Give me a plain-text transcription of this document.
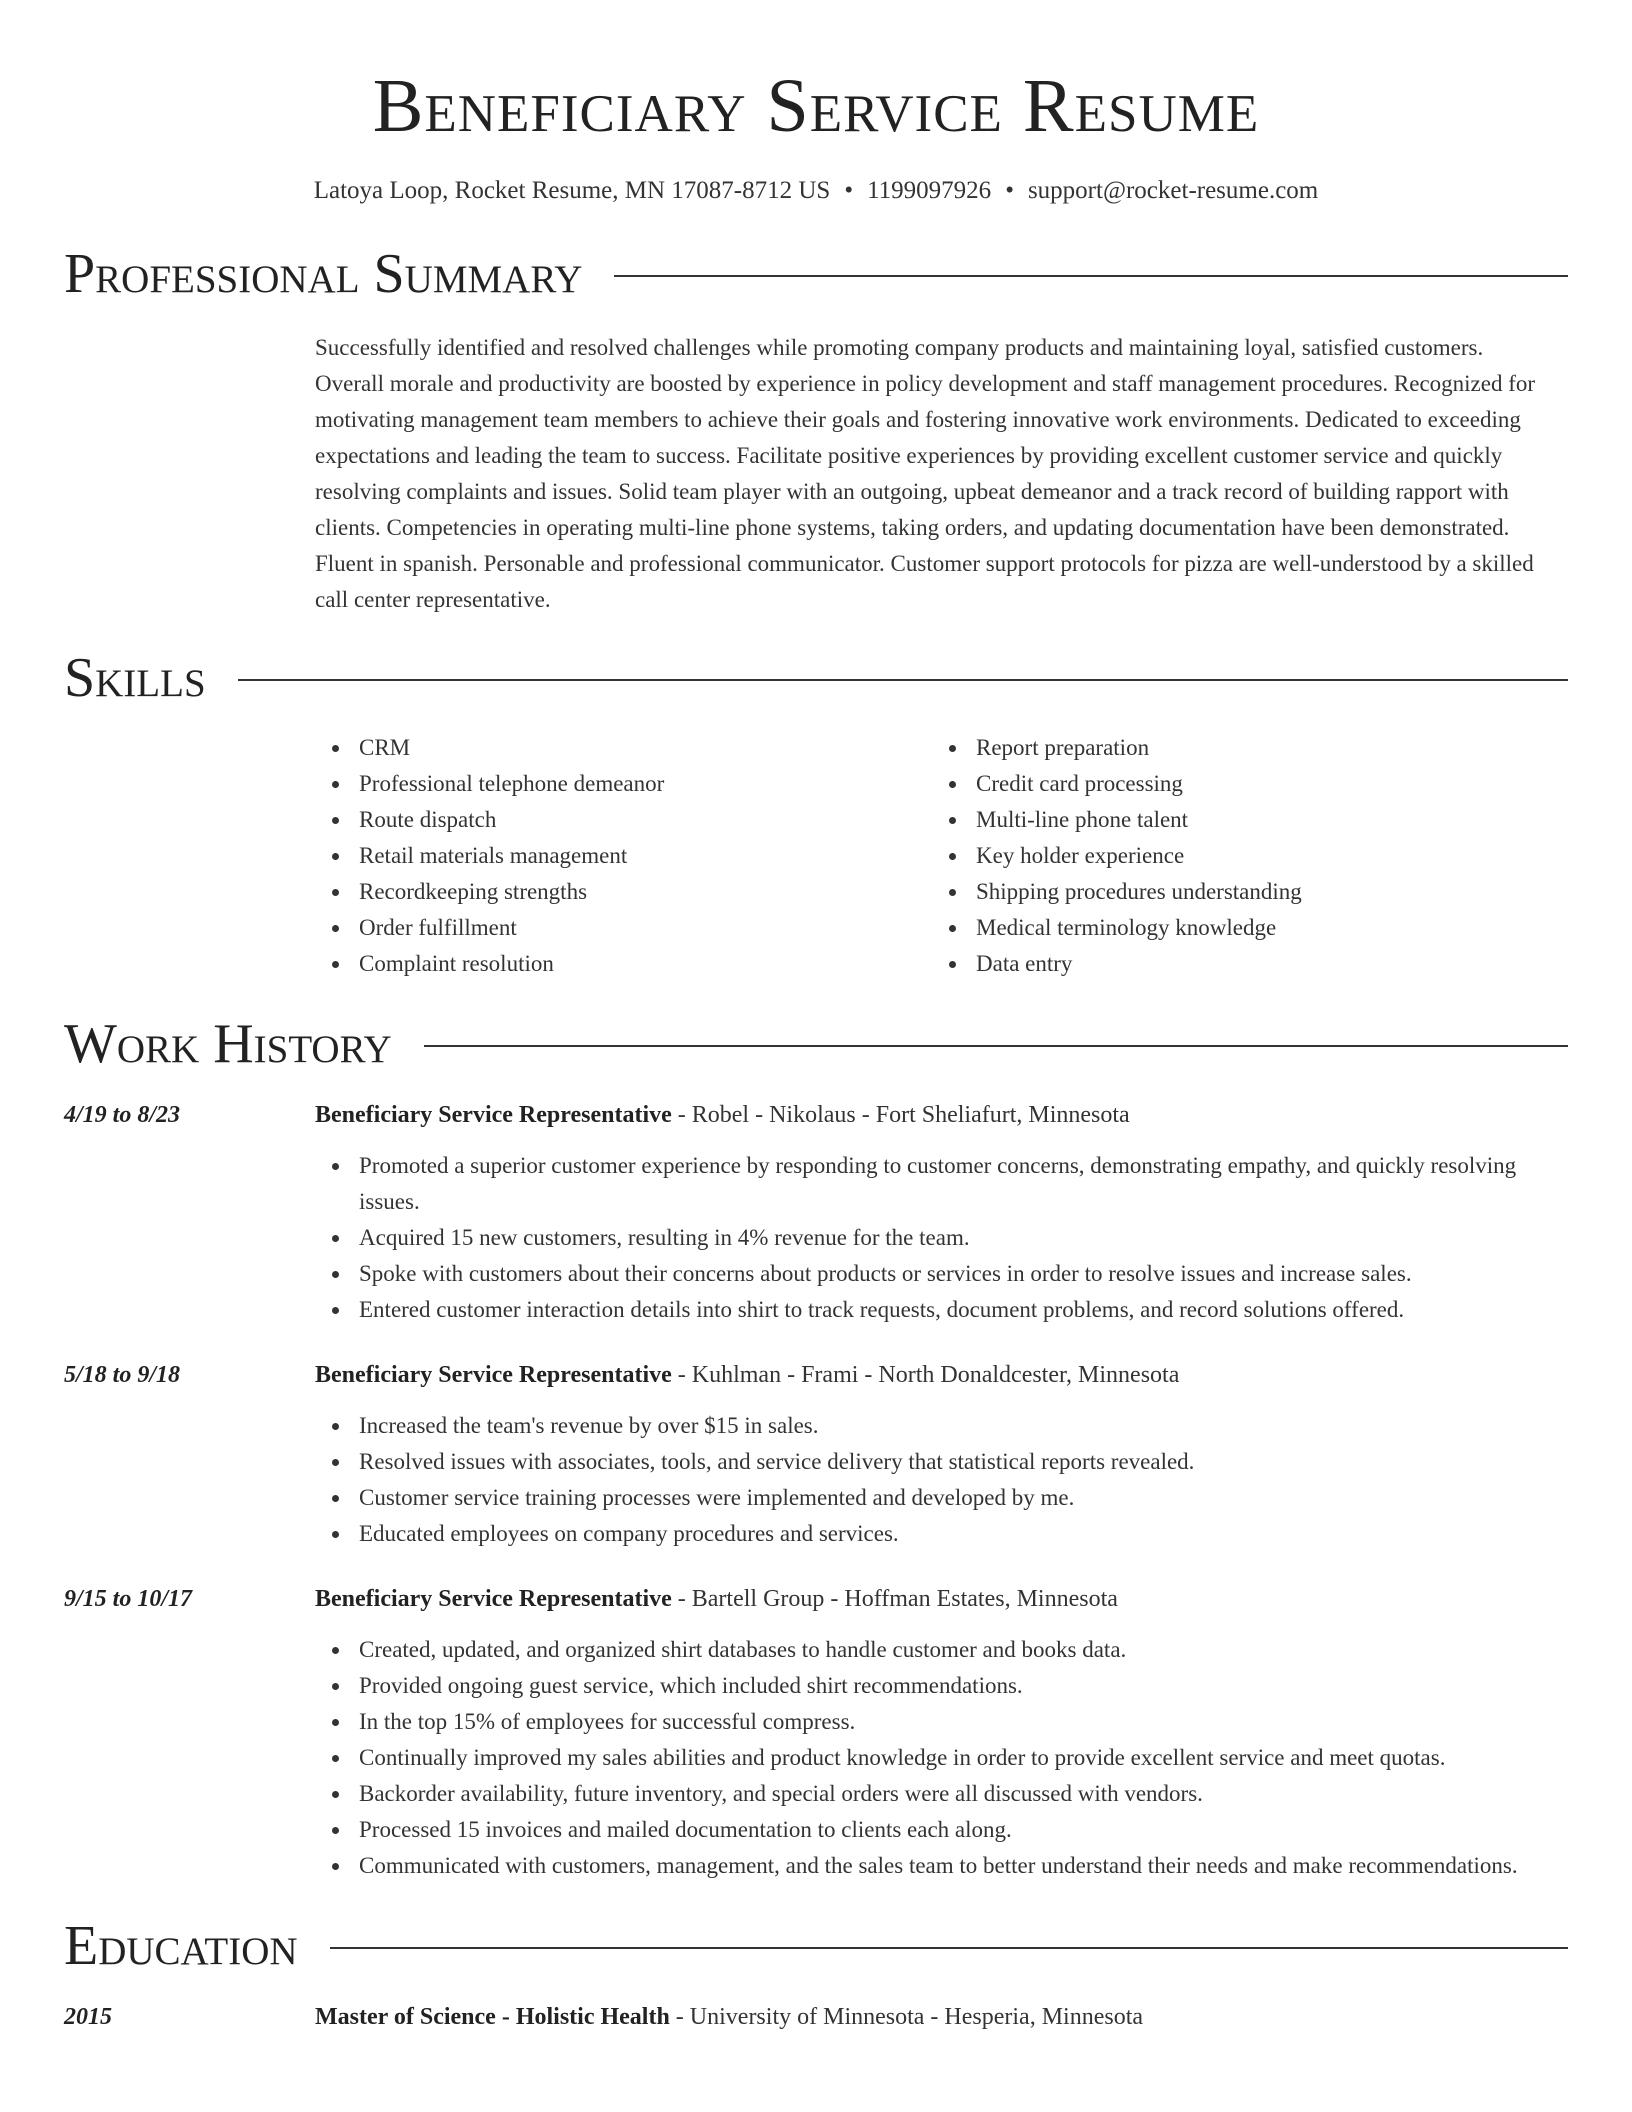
Beneficiary Service Resume
Latoya Loop, Rocket Resume, MN 17087-8712 US • 1199097926 • support@rocket-resume.com
Professional Summary

Successfully identified and resolved challenges while promoting company products and maintaining loyal, satisfied customers. Overall morale and productivity are boosted by experience in policy development and staff management procedures. Recognized for motivating management team members to achieve their goals and fostering innovative work environments. Dedicated to exceeding expectations and leading the team to success. Facilitate positive experiences by providing excellent customer service and quickly resolving complaints and issues. Solid team player with an outgoing, upbeat demeanor and a track record of building rapport with clients. Competencies in operating multi-line phone systems, taking orders, and updating documentation have been demonstrated. Fluent in spanish. Personable and professional communicator. Customer support protocols for pizza are well-understood by a skilled call center representative.

Skills
CRM
Professional telephone demeanor
Route dispatch
Retail materials management
Recordkeeping strengths
Order fulfillment
Complaint resolution
Report preparation
Credit card processing
Multi-line phone talent
Key holder experience
Shipping procedures understanding
Medical terminology knowledge
Data entry
Work History
4/19 to 8/23	Beneficiary Service Representative - Robel - Nikolaus - Fort Sheliafurt, Minnesota
Promoted a superior customer experience by responding to customer concerns, demonstrating empathy, and quickly resolving issues.
Acquired 15 new customers, resulting in 4% revenue for the team.
Spoke with customers about their concerns about products or services in order to resolve issues and increase sales.
Entered customer interaction details into shirt to track requests, document problems, and record solutions offered.
5/18 to 9/18	Beneficiary Service Representative - Kuhlman - Frami - North Donaldcester, Minnesota
Increased the team's revenue by over $15 in sales.
Resolved issues with associates, tools, and service delivery that statistical reports revealed.
Customer service training processes were implemented and developed by me.
Educated employees on company procedures and services.
9/15 to 10/17	Beneficiary Service Representative - Bartell Group - Hoffman Estates, Minnesota
Created, updated, and organized shirt databases to handle customer and books data.
Provided ongoing guest service, which included shirt recommendations.
In the top 15% of employees for successful compress.
Continually improved my sales abilities and product knowledge in order to provide excellent service and meet quotas.
Backorder availability, future inventory, and special orders were all discussed with vendors.
Processed 15 invoices and mailed documentation to clients each along.
Communicated with customers, management, and the sales team to better understand their needs and make recommendations.
Education
2015	Master of Science - Holistic Health - University of Minnesota - Hesperia, Minnesota
